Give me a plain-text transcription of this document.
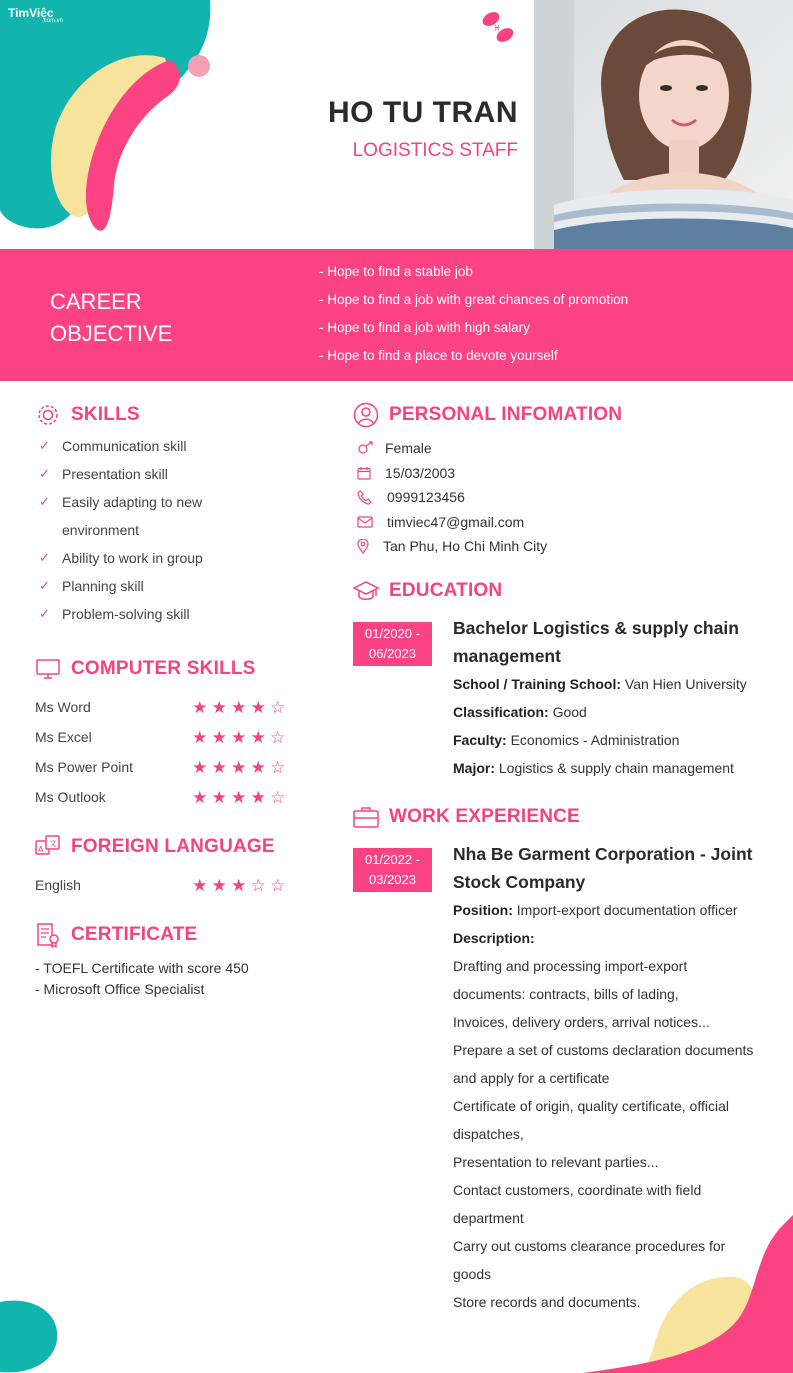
TimViệc
.com.vn
♓
HO TU TRAN
LOGISTICS STAFF
CAREER
OBJECTIVE
- Hope to find a stable job
- Hope to find a job with great chances of promotion
- Hope to find a job with high salary
- Hope to find a place to devote yourself
SKILLS
✓ Communication skill
✓ Presentation skill
✓ Easily adapting to new
environment
✓ Ability to work in group
✓ Planning skill
✓ Problem-solving skill
COMPUTER SKILLS
Ms Word	★ ★ ★ ★ ☆
Ms Excel	★ ★ ★ ★ ☆
Ms Power Point	★ ★ ★ ★ ☆
Ms Outlook	★ ★ ★ ★ ☆
文
A FOREIGN LANGUAGE
English	★ ★ ★ ☆ ☆
CERTIFICATE
- TOEFL Certificate with score 450
- Microsoft Office Specialist
PERSONAL INFOMATION
Female
15/03/2003
0999123456
timviec47@gmail.com
Tan Phu, Ho Chi Minh City
EDUCATION
01/2020 -
06/2023
Bachelor Logistics & supply chain
management
School / Training School: Van Hien University
Classification: Good
Faculty: Economics - Administration
Major: Logistics & supply chain management
WORK EXPERIENCE
01/2022 -
03/2023
Nha Be Garment Corporation - Joint
Stock Company
Position: Import-export documentation officer
Description:
Drafting and processing import-export
documents: contracts, bills of lading,
Invoices, delivery orders, arrival notices...
Prepare a set of customs declaration documents
and apply for a certificate
Certificate of origin, quality certificate, official
dispatches,
Presentation to relevant parties...
Contact customers, coordinate with field
department
Carry out customs clearance procedures for
goods
Store records and documents.
